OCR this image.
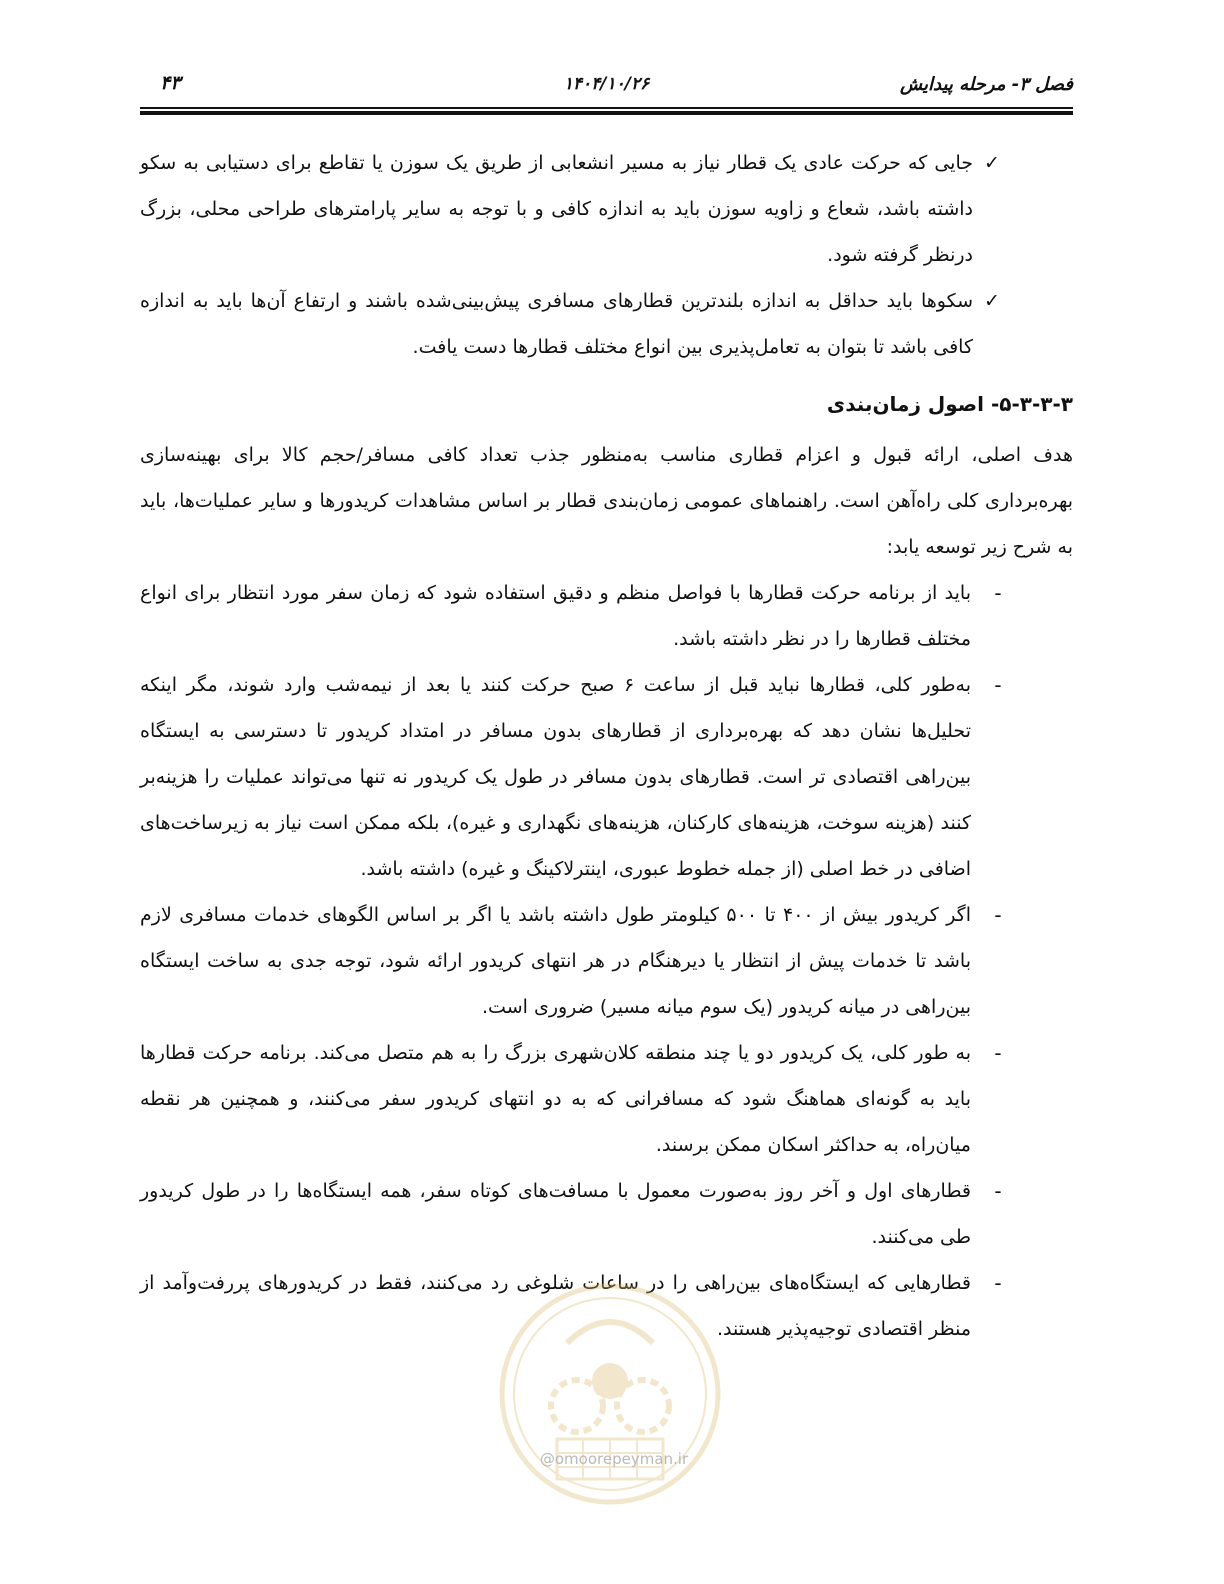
۴۳	۱۴۰۴/۱۰/۲۶	فصل ۳- مرحله پیدایش

✓
جایی که حرکت عادی یک قطار نیاز به مسیر انشعابی از طریق یک سوزن یا تقاطع برای دستیابی به سکو داشته باشد، شعاع و زاویه سوزن باید به اندازه کافی و با توجه به سایر پارامترهای طراحی محلی، بزرگ درنظر گرفته شود.

✓
سکوها باید حداقل به اندازه بلندترین قطارهای مسافری پیش‌بینی‌شده باشند و ارتفاع آن‌ها باید به اندازه کافی باشد تا بتوان به تعامل‌پذیری بین انواع مختلف قطارها دست یافت.

۵-۳-۳-۳- اصول زمان‌بندی

هدف اصلی، ارائه قبول و اعزام قطاری مناسب به‌منظور جذب تعداد کافی مسافر/حجم کالا برای بهینه‌سازی بهره‌برداری کلی راه‌آهن است. راهنماهای عمومی زمان‌بندی قطار بر اساس مشاهدات کریدورها و سایر عملیات‌ها، باید به شرح زیر توسعه یابد:

-
باید از برنامه حرکت قطارها با فواصل منظم و دقیق استفاده شود که زمان سفر مورد انتظار برای انواع مختلف قطارها را در نظر داشته باشد.

-
به‌طور کلی، قطارها نباید قبل از ساعت ۶ صبح حرکت کنند یا بعد از نیمه‌شب وارد شوند، مگر اینکه تحلیل‌ها نشان دهد که بهره‌برداری از قطارهای بدون مسافر در امتداد کریدور تا دسترسی به ایستگاه بین‌راهی اقتصادی تر است. قطارهای بدون مسافر در طول یک کریدور نه تنها می‌تواند عملیات را هزینه‌بر کنند (هزینه سوخت، هزینه‌های کارکنان، هزینه‌های نگهداری و غیره)، بلکه ممکن است نیاز به زیرساخت‌های اضافی در خط اصلی (از جمله خطوط عبوری، اینترلاکینگ و غیره) داشته باشد.

-
اگر کریدور بیش از ۴۰۰ تا ۵۰۰ کیلومتر طول داشته باشد یا اگر بر اساس الگوهای خدمات مسافری لازم باشد تا خدمات پیش از انتظار یا دیرهنگام در هر انتهای کریدور ارائه شود، توجه جدی به ساخت ایستگاه بین‌راهی در میانه کریدور (یک سوم میانه مسیر) ضروری است.

-
به طور کلی، یک کریدور دو یا چند منطقه کلان‌شهری بزرگ را به هم متصل می‌کند. برنامه حرکت قطارها باید به گونه‌ای هماهنگ شود که مسافرانی که به دو انتهای کریدور سفر می‌کنند، و همچنین هر نقطه میان‌راه، به حداکثر اسکان ممکن برسند.

-
قطارهای اول و آخر روز به‌صورت معمول با مسافت‌های کوتاه سفر، همه ایستگاه‌ها را در طول کریدور طی می‌کنند.

-
قطارهایی که ایستگاه‌های بین‌راهی را در ساعات شلوغی رد می‌کنند، فقط در کریدورهای پررفت‌وآمد از منظر اقتصادی توجیه‌پذیر هستند.

@omoorepeyman.ir
